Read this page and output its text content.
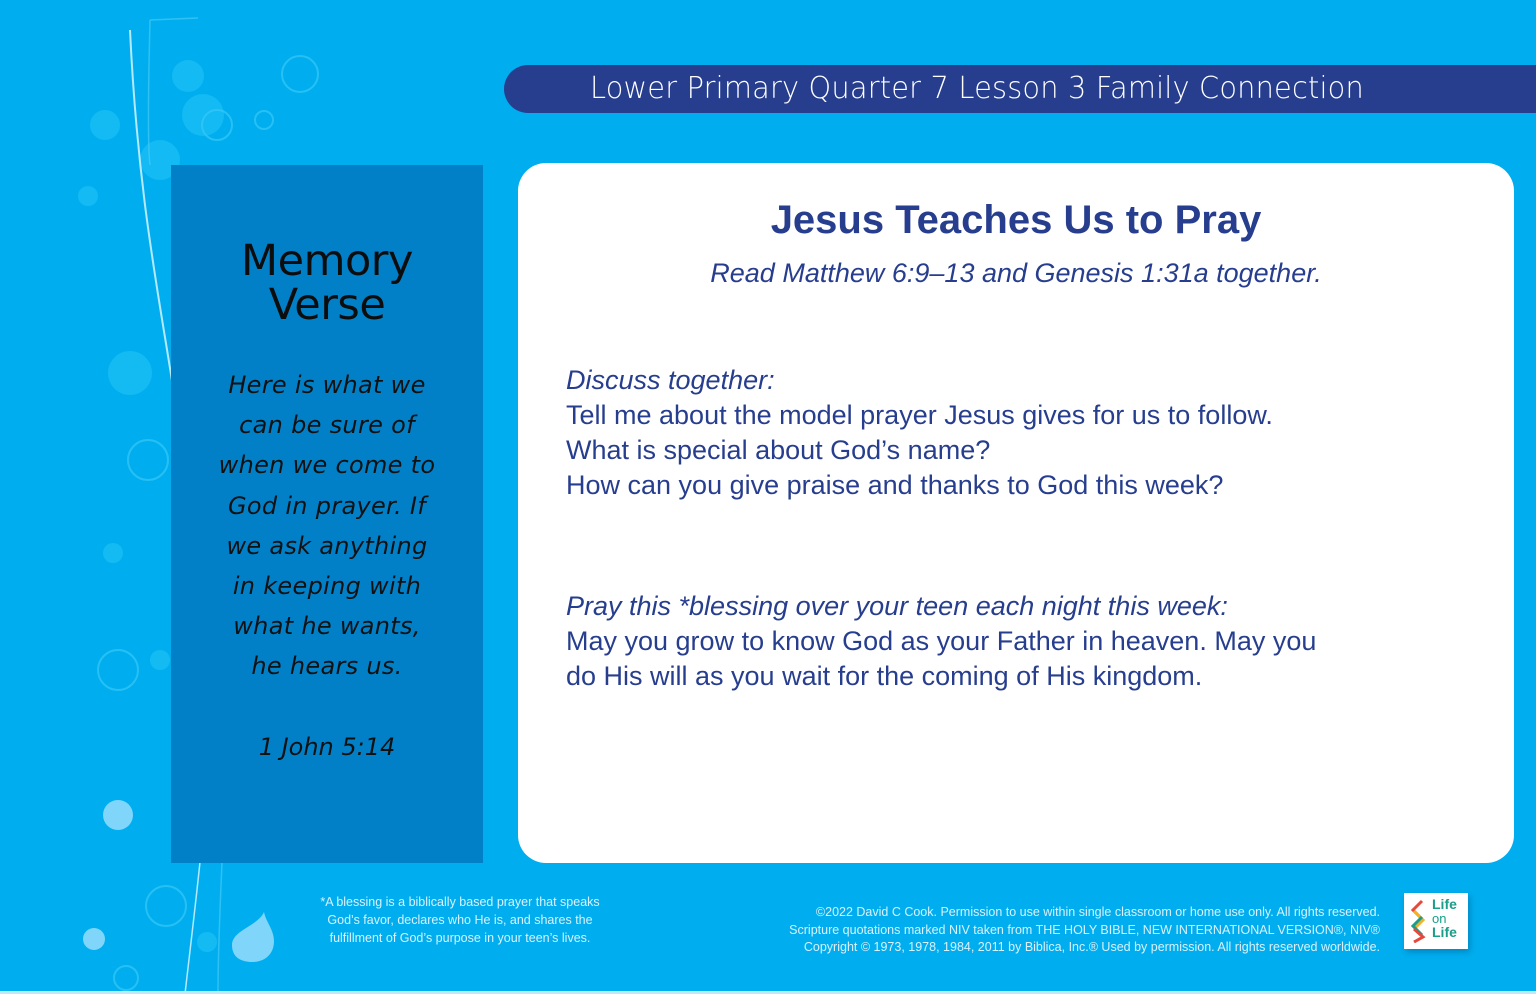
Lower Primary Quarter 7 Lesson 3 Family Connection
Memory
Verse
Here is what we
can be sure of
when we come to
God in prayer. If
we ask anything
in keeping with
what he wants,
he hears us.
1 John 5:14
Jesus Teaches Us to Pray
Read Matthew 6:9–13 and Genesis 1:31a together.
Discuss together:
Tell me about the model prayer Jesus gives for us to follow.
What is special about God’s name?
How can you give praise and thanks to God this week?
Pray this *blessing over your teen each night this week:
May you grow to know God as your Father in heaven. May you
do His will as you wait for the coming of His kingdom.
*A blessing is a biblically based prayer that speaks
God’s favor, declares who He is, and shares the
fulfillment of God’s purpose in your teen’s lives.
©2022 David C Cook. Permission to use within single classroom or home use only. All rights reserved.
Scripture quotations marked NIV taken from THE HOLY BIBLE, NEW INTERNATIONAL VERSION®, NIV®
Copyright © 1973, 1978, 1984, 2011 by Biblica, Inc.® Used by permission. All rights reserved worldwide.
Life
on
Life
